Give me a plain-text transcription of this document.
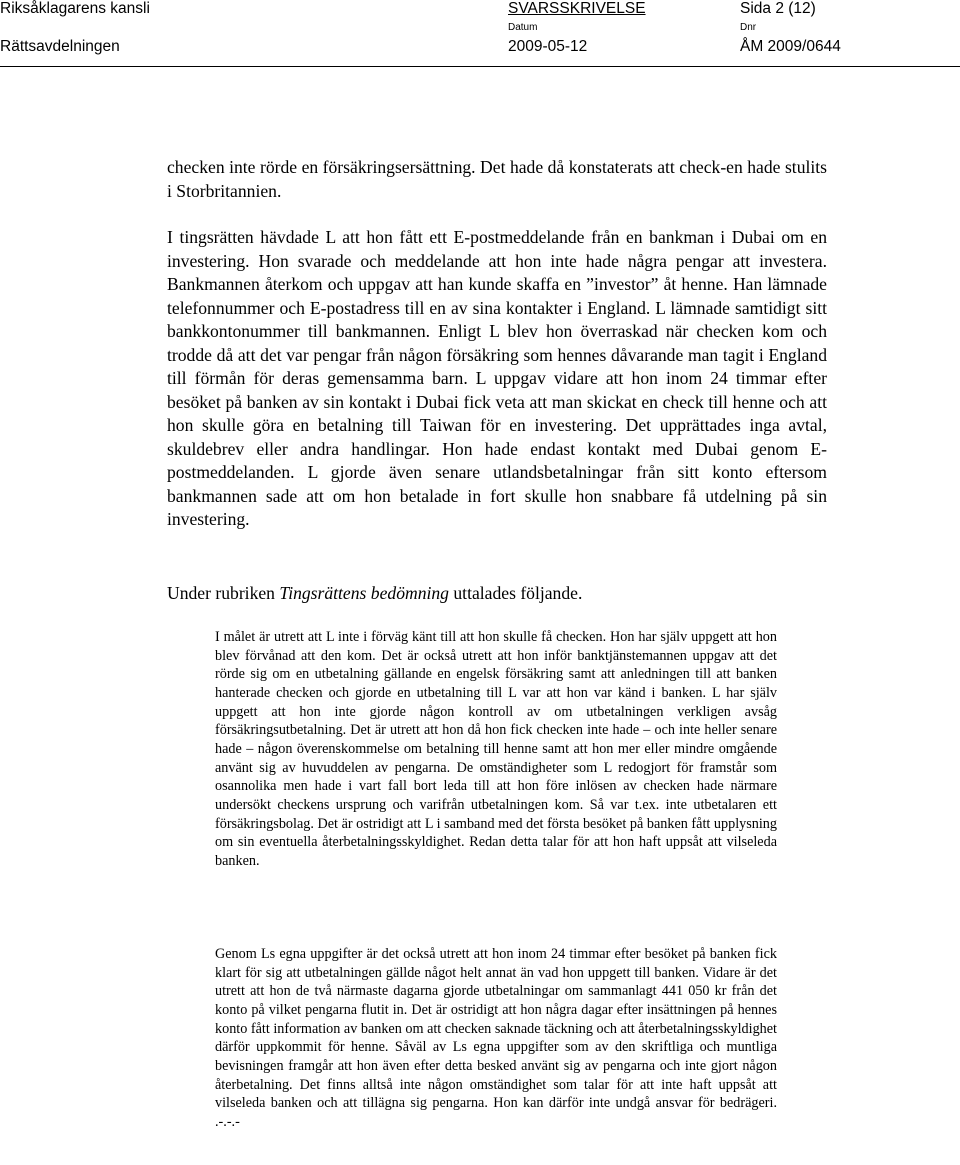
Riksåklagarens kansli
Rättsavdelningen
SVARSSKRIVELSE	Sida 2 (12)
Datum
2009-05-12
Dnr
ÅM 2009/0644

checken inte rörde en försäkringsersättning. Det hade då konstaterats att check-en hade stulits i Storbritannien.

I tingsrätten hävdade L att hon fått ett E-postmeddelande från en bankman i Dubai om en investering. Hon svarade och meddelande att hon inte hade några pengar att investera. Bankmannen återkom och uppgav att han kunde skaffa en ”investor” åt henne. Han lämnade telefonnummer och E-postadress till en av sina kontakter i England. L lämnade samtidigt sitt bankkontonummer till bankmannen. Enligt L blev hon överraskad när checken kom och trodde då att det var pengar från någon försäkring som hennes dåvarande man tagit i England till förmån för deras gemensamma barn. L uppgav vidare att hon inom 24 timmar efter besöket på banken av sin kontakt i Dubai fick veta att man skickat en check till henne och att hon skulle göra en betalning till Taiwan för en investering. Det upprättades inga avtal, skuldebrev eller andra handlingar. Hon hade endast kontakt med Dubai genom E-postmeddelanden. L gjorde även senare utlandsbetalningar från sitt konto eftersom bankmannen sade att om hon betalade in fort skulle hon snabbare få utdelning på sin investering.

Under rubriken Tingsrättens bedömning uttalades följande.

I målet är utrett att L inte i förväg känt till att hon skulle få checken. Hon har själv uppgett att hon blev förvånad att den kom. Det är också utrett att hon inför banktjänstemannen uppgav att det rörde sig om en utbetalning gällande en engelsk försäkring samt att anledningen till att banken hanterade checken och gjorde en utbetalning till L var att hon var känd i banken. L har själv uppgett att hon inte gjorde någon kontroll av om utbetalningen verkligen avsåg försäkringsutbetalning. Det är utrett att hon då hon fick checken inte hade – och inte heller senare hade – någon överenskommelse om betalning till henne samt att hon mer eller mindre omgående använt sig av huvuddelen av pengarna. De omständigheter som L redogjort för framstår som osannolika men hade i vart fall bort leda till att hon före inlösen av checken hade närmare undersökt checkens ursprung och varifrån utbetalningen kom. Så var t.ex. inte utbetalaren ett försäkringsbolag. Det är ostridigt att L i samband med det första besöket på banken fått upplysning om sin eventuella återbetalningsskyldighet. Redan detta talar för att hon haft uppsåt att vilseleda banken.

Genom Ls egna uppgifter är det också utrett att hon inom 24 timmar efter besöket på banken fick klart för sig att utbetalningen gällde något helt annat än vad hon uppgett till banken. Vidare är det utrett att hon de två närmaste dagarna gjorde utbetalningar om sammanlagt 441 050 kr från det konto på vilket pengarna flutit in. Det är ostridigt att hon några dagar efter insättningen på hennes konto fått information av banken om att checken saknade täckning och att återbetalningsskyldighet därför uppkommit för henne. Såväl av Ls egna uppgifter som av den skriftliga och muntliga bevisningen framgår att hon även efter detta besked använt sig av pengarna och inte gjort någon återbetalning. Det finns alltså inte någon omständighet som talar för att inte haft uppsåt att vilseleda banken och att tillägna sig pengarna. Hon kan därför inte undgå ansvar för bedrägeri. .-.-.-
